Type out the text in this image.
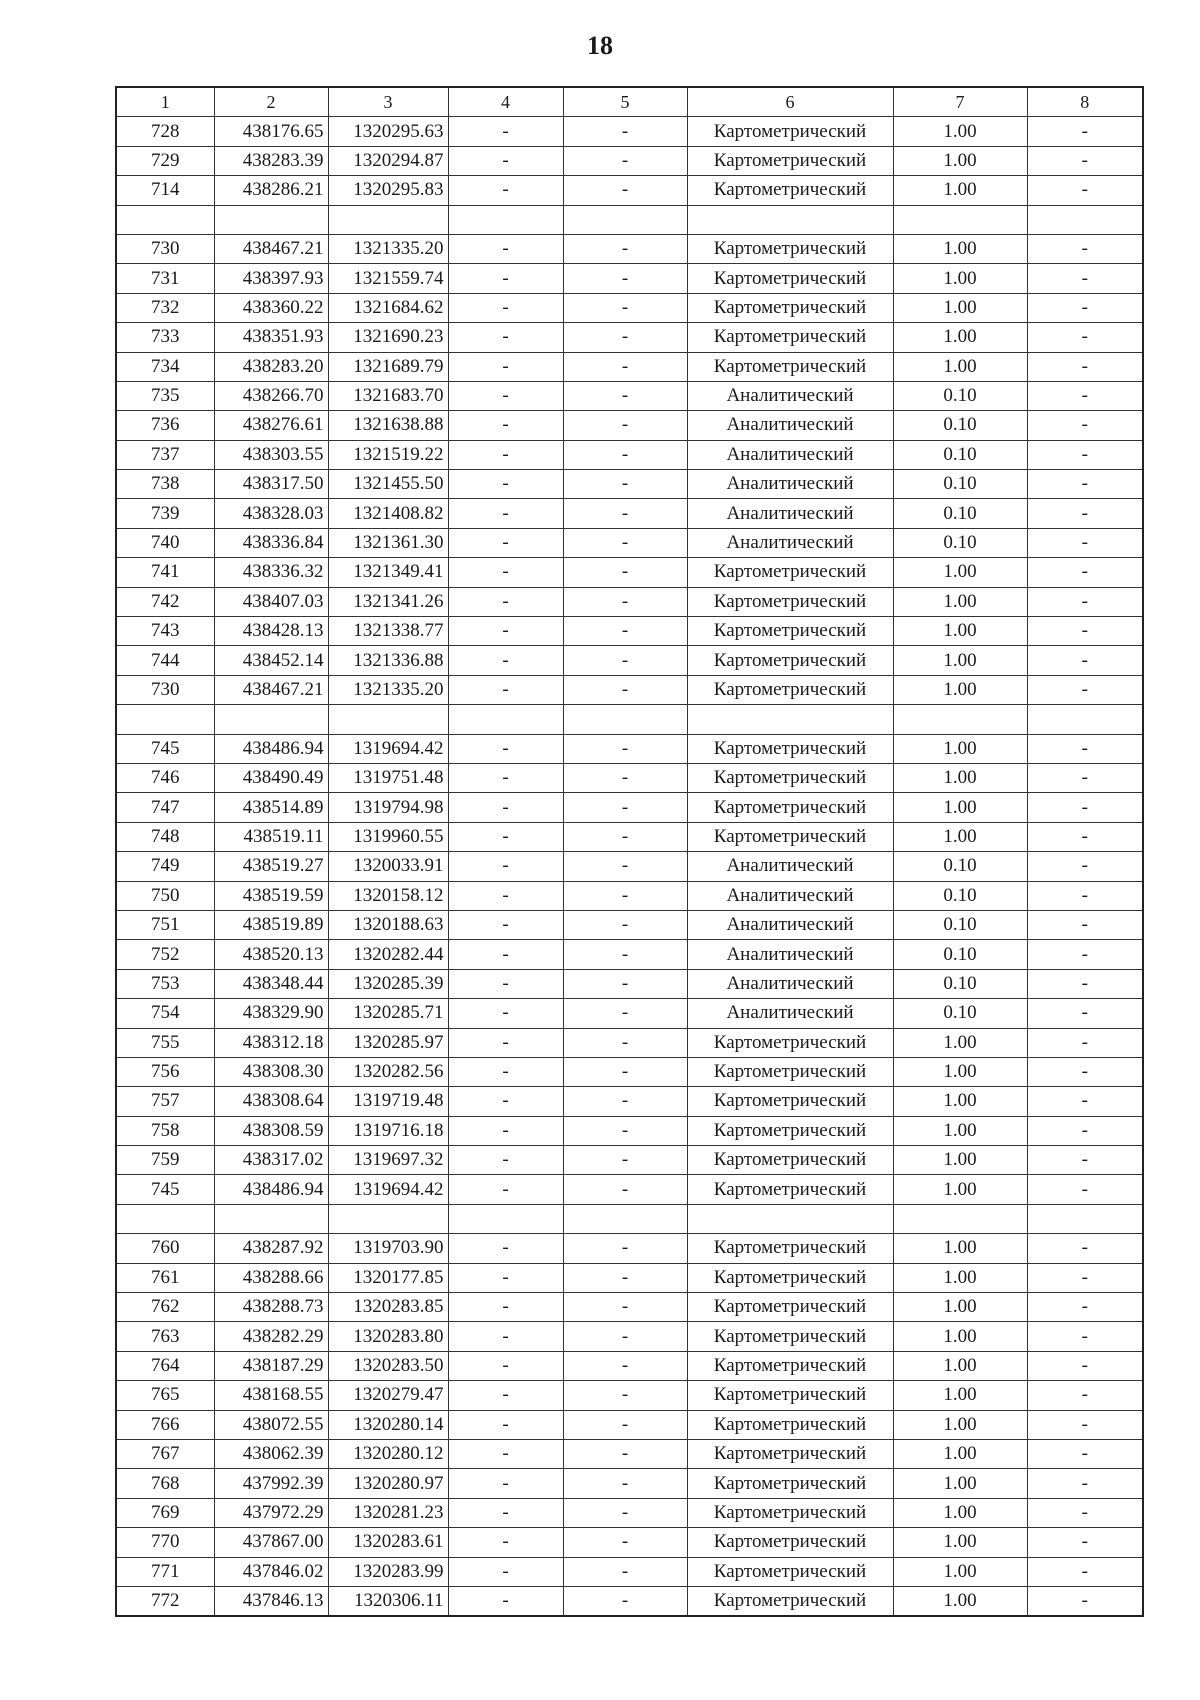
18
1	2	3	4	5	6	7	8
728	438176.65	1320295.63	-	-	Картометрический	1.00	-
729	438283.39	1320294.87	-	-	Картометрический	1.00	-
714	438286.21	1320295.83	-	-	Картометрический	1.00	-

730	438467.21	1321335.20	-	-	Картометрический	1.00	-
731	438397.93	1321559.74	-	-	Картометрический	1.00	-
732	438360.22	1321684.62	-	-	Картометрический	1.00	-
733	438351.93	1321690.23	-	-	Картометрический	1.00	-
734	438283.20	1321689.79	-	-	Картометрический	1.00	-
735	438266.70	1321683.70	-	-	Аналитический	0.10	-
736	438276.61	1321638.88	-	-	Аналитический	0.10	-
737	438303.55	1321519.22	-	-	Аналитический	0.10	-
738	438317.50	1321455.50	-	-	Аналитический	0.10	-
739	438328.03	1321408.82	-	-	Аналитический	0.10	-
740	438336.84	1321361.30	-	-	Аналитический	0.10	-
741	438336.32	1321349.41	-	-	Картометрический	1.00	-
742	438407.03	1321341.26	-	-	Картометрический	1.00	-
743	438428.13	1321338.77	-	-	Картометрический	1.00	-
744	438452.14	1321336.88	-	-	Картометрический	1.00	-
730	438467.21	1321335.20	-	-	Картометрический	1.00	-

745	438486.94	1319694.42	-	-	Картометрический	1.00	-
746	438490.49	1319751.48	-	-	Картометрический	1.00	-
747	438514.89	1319794.98	-	-	Картометрический	1.00	-
748	438519.11	1319960.55	-	-	Картометрический	1.00	-
749	438519.27	1320033.91	-	-	Аналитический	0.10	-
750	438519.59	1320158.12	-	-	Аналитический	0.10	-
751	438519.89	1320188.63	-	-	Аналитический	0.10	-
752	438520.13	1320282.44	-	-	Аналитический	0.10	-
753	438348.44	1320285.39	-	-	Аналитический	0.10	-
754	438329.90	1320285.71	-	-	Аналитический	0.10	-
755	438312.18	1320285.97	-	-	Картометрический	1.00	-
756	438308.30	1320282.56	-	-	Картометрический	1.00	-
757	438308.64	1319719.48	-	-	Картометрический	1.00	-
758	438308.59	1319716.18	-	-	Картометрический	1.00	-
759	438317.02	1319697.32	-	-	Картометрический	1.00	-
745	438486.94	1319694.42	-	-	Картометрический	1.00	-

760	438287.92	1319703.90	-	-	Картометрический	1.00	-
761	438288.66	1320177.85	-	-	Картометрический	1.00	-
762	438288.73	1320283.85	-	-	Картометрический	1.00	-
763	438282.29	1320283.80	-	-	Картометрический	1.00	-
764	438187.29	1320283.50	-	-	Картометрический	1.00	-
765	438168.55	1320279.47	-	-	Картометрический	1.00	-
766	438072.55	1320280.14	-	-	Картометрический	1.00	-
767	438062.39	1320280.12	-	-	Картометрический	1.00	-
768	437992.39	1320280.97	-	-	Картометрический	1.00	-
769	437972.29	1320281.23	-	-	Картометрический	1.00	-
770	437867.00	1320283.61	-	-	Картометрический	1.00	-
771	437846.02	1320283.99	-	-	Картометрический	1.00	-
772	437846.13	1320306.11	-	-	Картометрический	1.00	-
